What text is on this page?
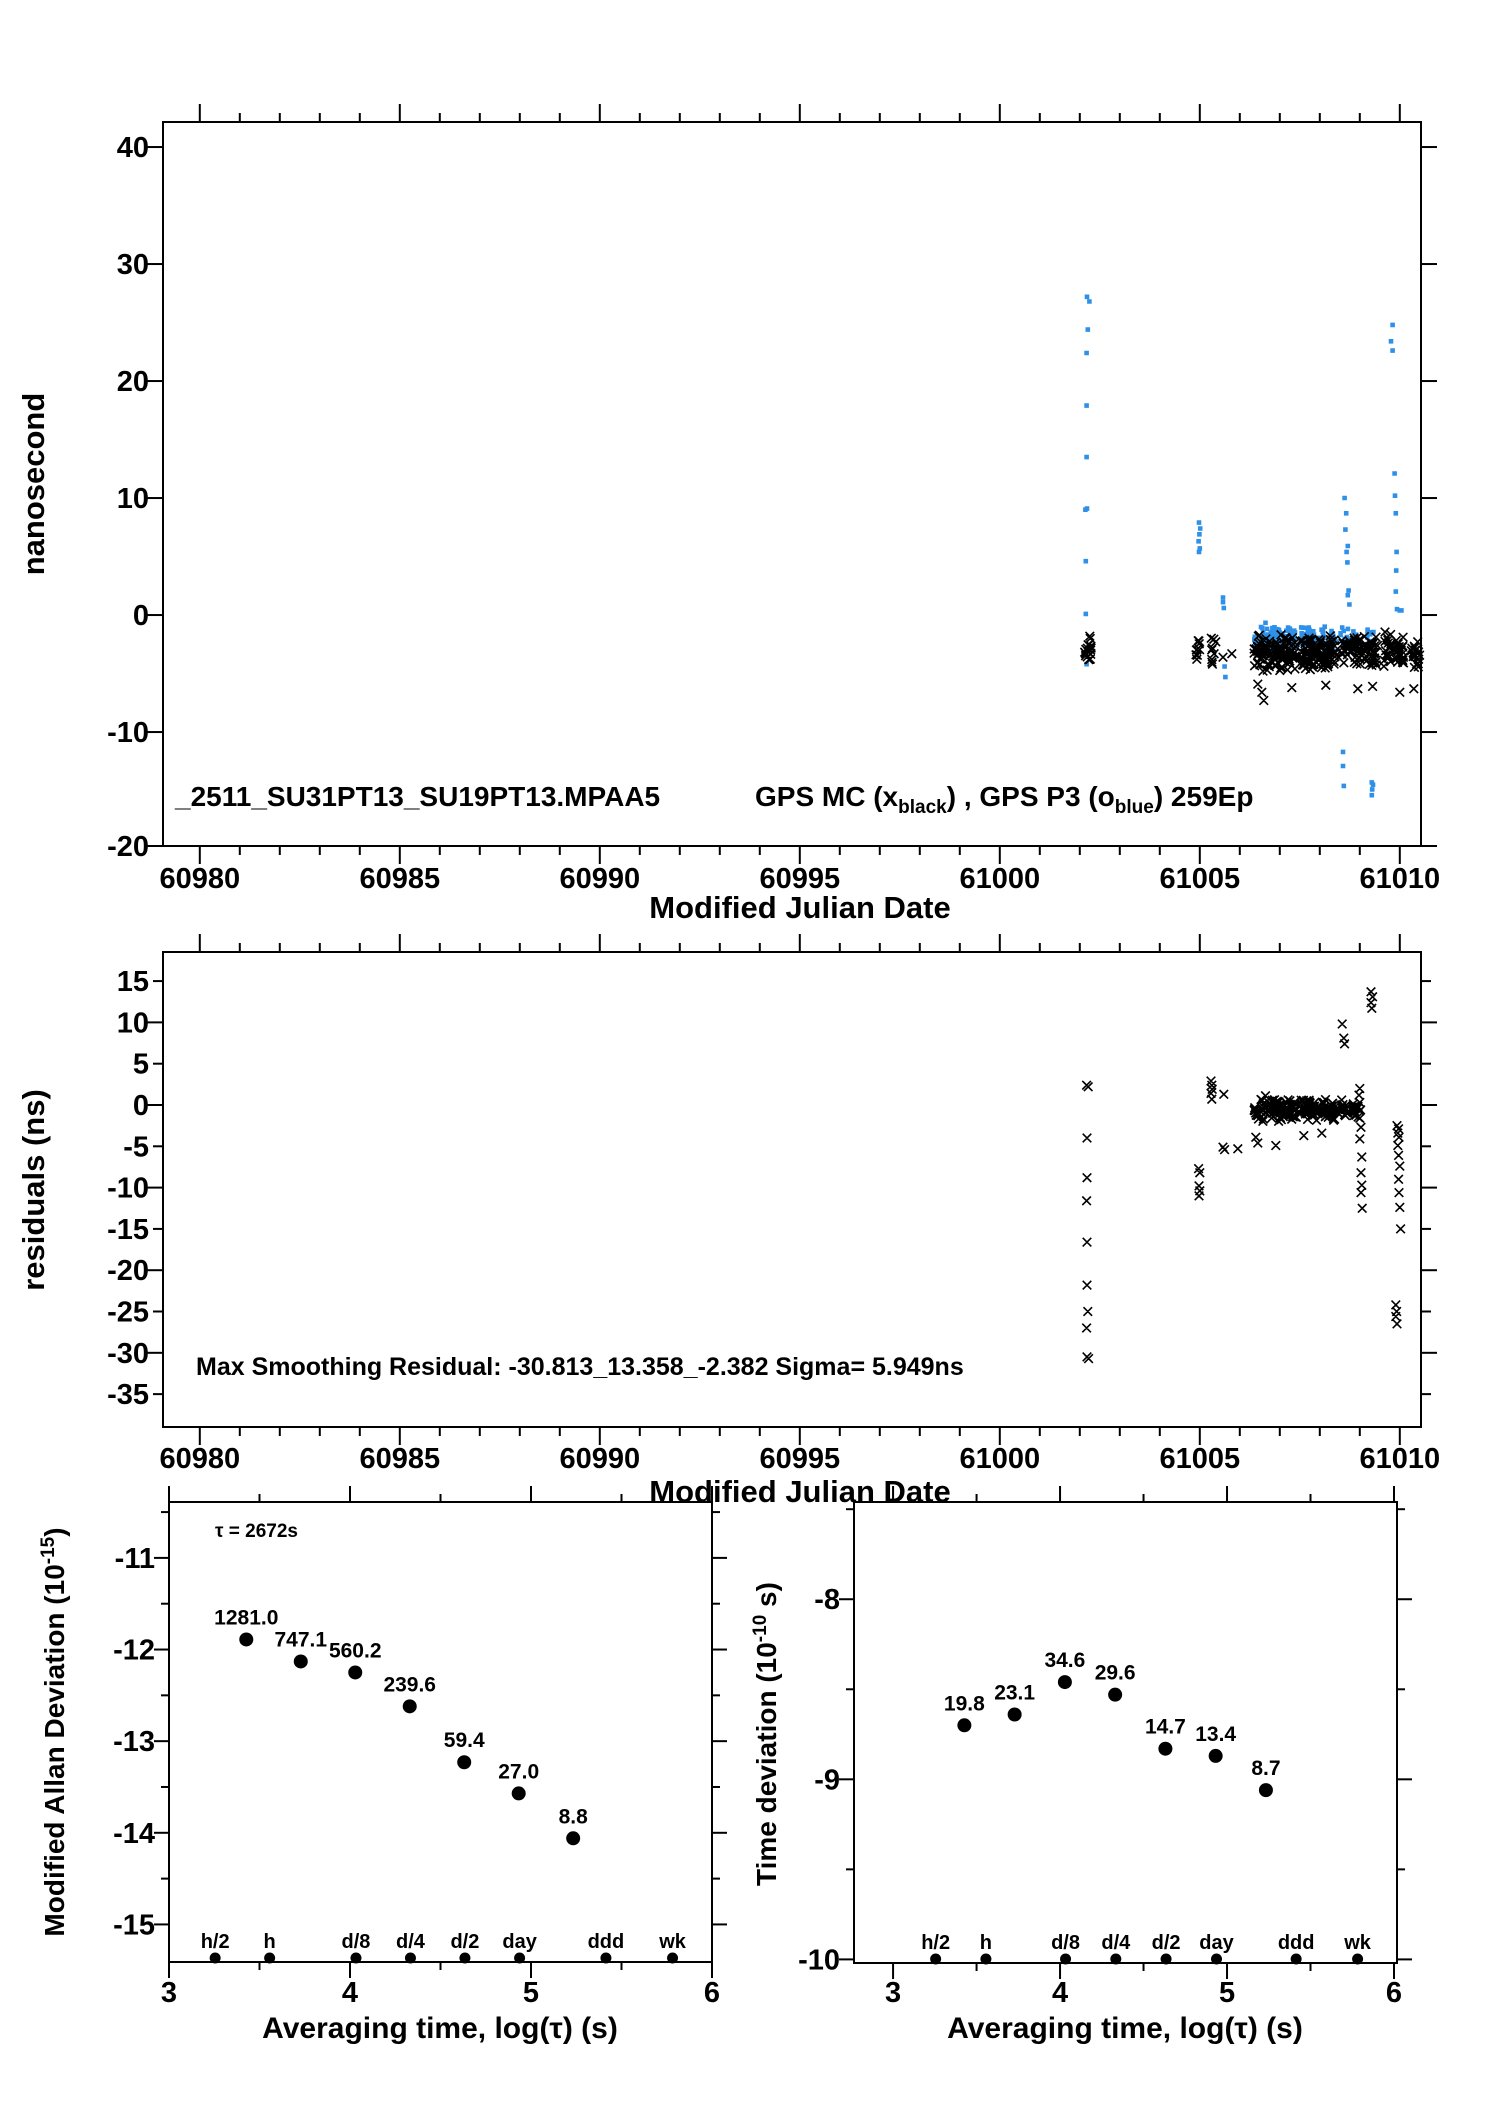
60980	60985	60990	60995	61000	61005	61010
40
30
20
10
0
-10
-20
Modified Julian Date
nanosecond
_2511_SU31PT13_SU19PT13.MPAA5	GPS MC $(x_{black})$ , GPS P3 $(o_{blue})$ 259Ep
60980	60985	60990	60995	61000	61005	61010
15
10
5
0
-5
-10
-15
-20
-25
-30
-35
Modified Julian Date
residuals (ns)
Max Smoothing Residual: -30.813_13.358_-2.382 Sigma= 5.949ns
3	4	5	6
-11
-12
-13
-14
-15
Averaging time, log(τ) (s)
Modified Allan Deviation $(10^{-15})$
h/2 h	d/8 d/4 d/2 day	ddd wk
1281.0
747.1 560.2
239.6
59.4
27.0
8.8
τ = 2672s
3	4	5	6
-8
-9
-10
Averaging time, log(τ) (s)
Time deviation ($10^{-10}$ s)
h/2 h	d/8 d/4 d/2 day ddd wk
19.8 23.1
34.6
29.6
14.7 13.4
8.7
